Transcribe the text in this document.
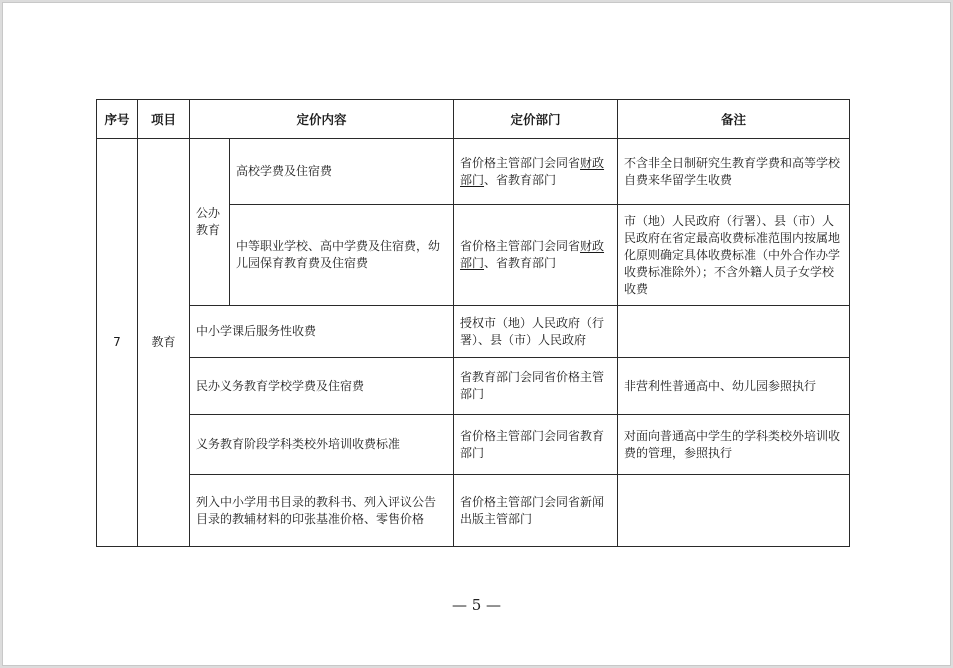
序号	项目	定价内容		定价部门	备注
7	教育	公办教育	高校学费及住宿费	省价格主管部门会同省财政部门、省教育部门	不含非全日制研究生教育学费和高等学校自费来华留学生收费
			中等职业学校、高中学费及住宿费，幼儿园保育教育费及住宿费	省价格主管部门会同省财政部门、省教育部门	市（地）人民政府（行署）、县（市）人民政府在省定最高收费标准范围内按属地化原则确定具体收费标准（中外合作办学收费标准除外）；不含外籍人员子女学校收费
		中小学课后服务性收费		授权市（地）人民政府（行署）、县（市）人民政府	
		民办义务教育学校学费及住宿费		省教育部门会同省价格主管部门	非营利性普通高中、幼儿园参照执行
		义务教育阶段学科类校外培训收费标准		省价格主管部门会同省教育部门	对面向普通高中学生的学科类校外培训收费的管理，参照执行
		列入中小学用书目录的教科书、列入评议公告目录的教辅材料的印张基准价格、零售价格		省价格主管部门会同省新闻出版主管部门	
— 5 —
